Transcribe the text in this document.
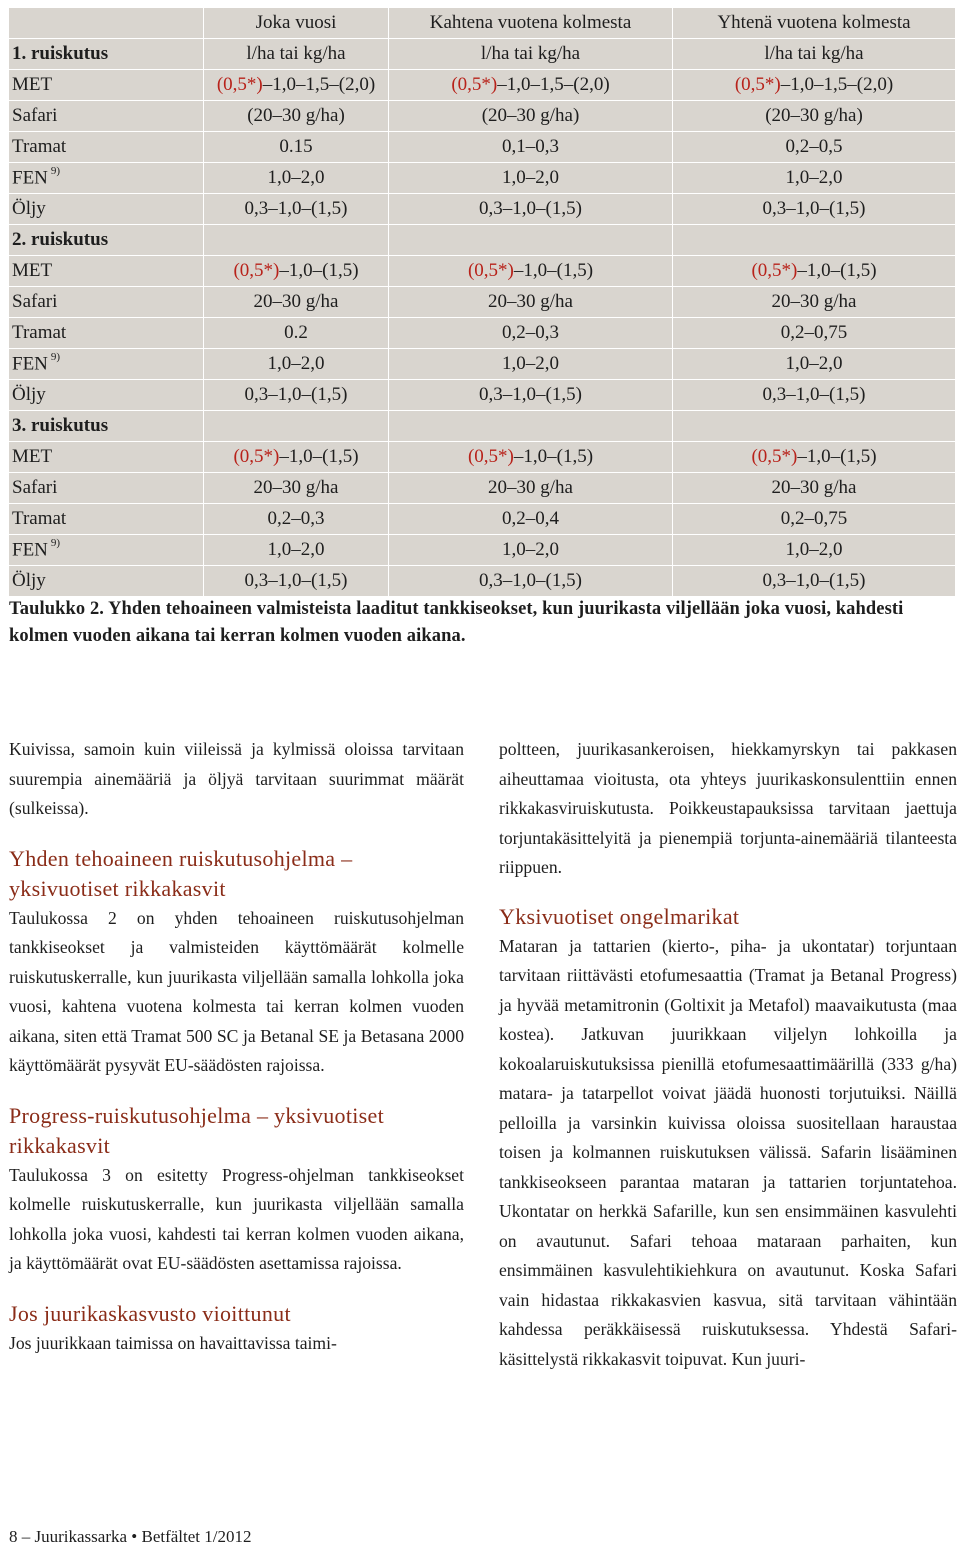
	Joka vuosi	Kahtena vuotena kolmesta	Yhtenä vuotena kolmesta
1. ruiskutus	l/ha tai kg/ha	l/ha tai kg/ha	l/ha tai kg/ha
MET	(0,5*)–1,0–1,5–(2,0)	(0,5*)–1,0–1,5–(2,0)	(0,5*)–1,0–1,5–(2,0)
Safari	(20–30 g/ha)	(20–30 g/ha)	(20–30 g/ha)
Tramat	0.15	0,1–0,3	0,2–0,5
FEN $^{9)}$	1,0–2,0	1,0–2,0	1,0–2,0
Öljy	0,3–1,0–(1,5)	0,3–1,0–(1,5)	0,3–1,0–(1,5)
2. ruiskutus			
MET	(0,5*)–1,0–(1,5)	(0,5*)–1,0–(1,5)	(0,5*)–1,0–(1,5)
Safari	20–30 g/ha	20–30 g/ha	20–30 g/ha
Tramat	0.2	0,2–0,3	0,2–0,75
FEN $^{9)}$	1,0–2,0	1,0–2,0	1,0–2,0
Öljy	0,3–1,0–(1,5)	0,3–1,0–(1,5)	0,3–1,0–(1,5)
3. ruiskutus			
MET	(0,5*)–1,0–(1,5)	(0,5*)–1,0–(1,5)	(0,5*)–1,0–(1,5)
Safari	20–30 g/ha	20–30 g/ha	20–30 g/ha
Tramat	0,2–0,3	0,2–0,4	0,2–0,75
FEN $^{9)}$	1,0–2,0	1,0–2,0	1,0–2,0
Öljy	0,3–1,0–(1,5)	0,3–1,0–(1,5)	0,3–1,0–(1,5)
Taulukko 2. Yhden tehoaineen valmisteista laaditut tankkiseokset, kun juurikasta viljellään joka vuosi, kahdesti kolmen vuoden aikana tai kerran kolmen vuoden aikana.

Kuivissa, samoin kuin viileissä ja kylmissä oloissa tarvitaan suurempia ainemääriä ja öljyä tarvitaan suurimmat määrät (sulkeissa).

Yhden tehoaineen ruiskutusohjelma – yksivuotiset rikkakasvit

Taulukossa 2 on yhden tehoaineen ruiskutusohjelman tankkiseokset ja valmisteiden käyttömäärät kolmelle ruiskutuskerralle, kun juurikasta viljellään samalla lohkolla joka vuosi, kahtena vuotena kolmesta tai kerran kolmen vuoden aikana, siten että Tramat 500 SC ja Betanal SE ja Betasana 2000 käyttömäärät pysyvät EU-säädösten rajoissa.

Progress-ruiskutusohjelma – yksivuotiset rikkakasvit

Taulukossa 3 on esitetty Progress-ohjelman tankkiseokset kolmelle ruiskutuskerralle, kun juurikasta viljellään samalla lohkolla joka vuosi, kahdesti tai kerran kolmen vuoden aikana, ja käyttömäärät ovat EU-säädösten asettamissa rajoissa.

Jos juurikaskasvusto vioittunut

Jos juurikkaan taimissa on havaittavissa taimi-

poltteen, juurikasankeroisen, hiekkamyrskyn tai pakkasen aiheuttamaa vioitusta, ota yhteys juurikaskonsulenttiin ennen rikkakasviruiskutusta. Poikkeustapauksissa tarvitaan jaettuja torjuntakäsittelyitä ja pienempiä torjunta-ainemääriä tilanteesta riippuen.

Yksivuotiset ongelmarikat

Mataran ja tattarien (kierto-, piha- ja ukontatar) torjuntaan tarvitaan riittävästi etofumesaattia (Tramat ja Betanal Progress) ja hyvää metamitronin (Goltixit ja Metafol) maavaikutusta (maa kostea). Jatkuvan juurikkaan viljelyn lohkoilla ja kokoalaruiskutuksissa pienillä etofumesaattimäärillä (333 g/ha) matara- ja tatarpellot voivat jäädä huonosti torjutuiksi. Näillä pelloilla ja varsinkin kuivissa oloissa suositellaan haraustaa toisen ja kolmannen ruiskutuksen välissä. Safarin lisääminen tankkiseokseen parantaa mataran ja tattarien torjuntatehoa. Ukontatar on herkkä Safarille, kun sen ensimmäinen kasvulehti on avautunut. Safari tehoaa mataraan parhaiten, kun ensimmäinen kasvulehtikiehkura on avautunut. Koska Safari vain hidastaa rikkakasvien kasvua, sitä tarvitaan vähintään kahdessa peräkkäisessä ruiskutuksessa. Yhdestä Safari-käsittelystä rikkakasvit toipuvat. Kun juuri-

8 – Juurikassarka • Betfältet 1/2012
